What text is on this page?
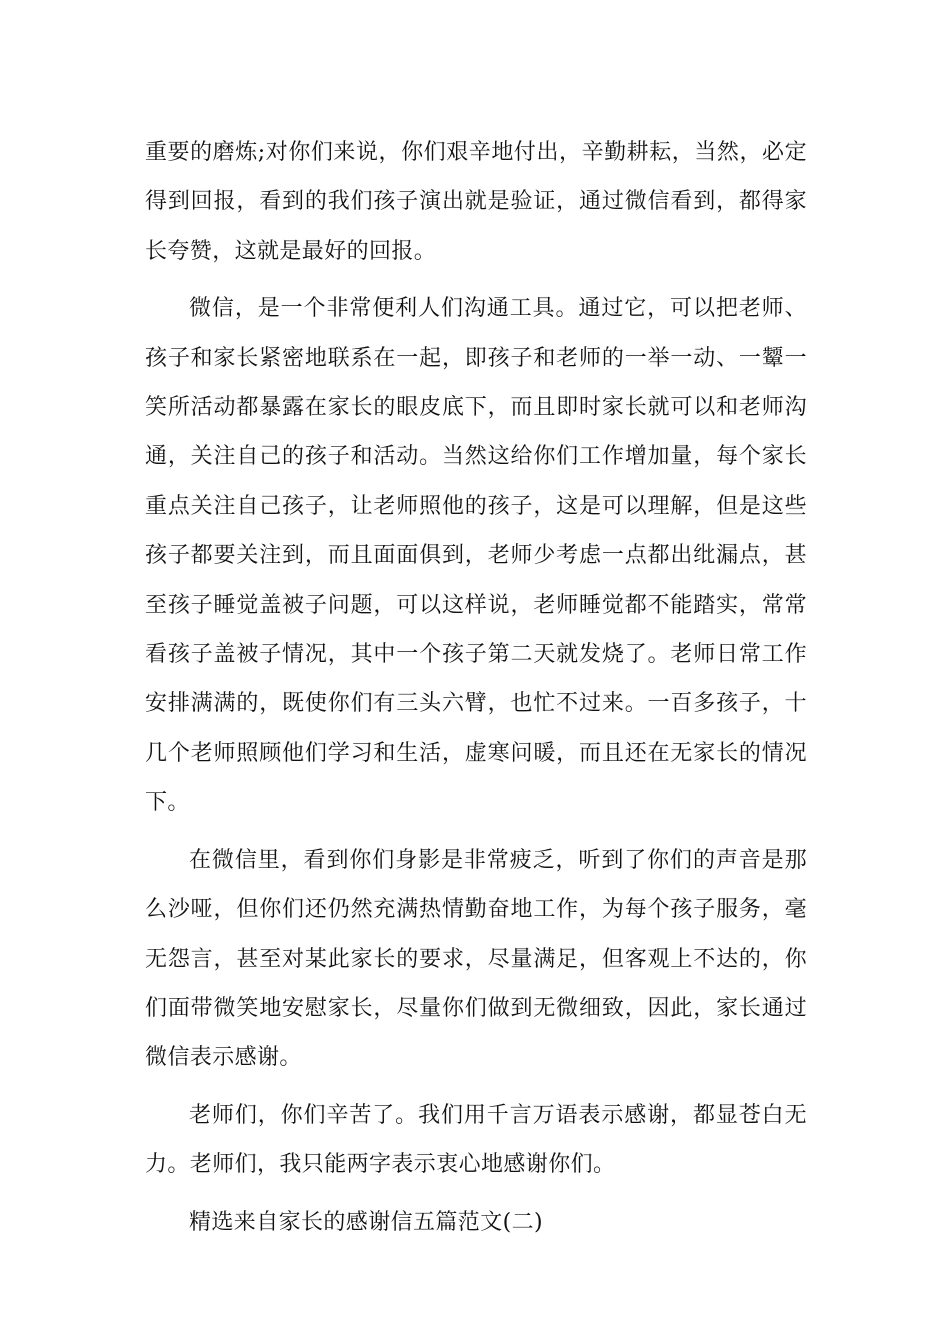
重要的磨炼;对你们来说，你们艰辛地付出，辛勤耕耘，当然，必定得到回报，看到的我们孩子演出就是验证，通过微信看到，都得家长夸赞，这就是最好的回报。

微信，是一个非常便利人们沟通工具。通过它，可以把老师、孩子和家长紧密地联系在一起，即孩子和老师的一举一动、一颦一笑所活动都暴露在家长的眼皮底下，而且即时家长就可以和老师沟通，关注自己的孩子和活动。当然这给你们工作增加量，每个家长重点关注自己孩子，让老师照他的孩子，这是可以理解，但是这些孩子都要关注到，而且面面俱到，老师少考虑一点都出纰漏点，甚至孩子睡觉盖被子问题，可以这样说，老师睡觉都不能踏实，常常看孩子盖被子情况，其中一个孩子第二天就发烧了。老师日常工作安排满满的，既使你们有三头六臂，也忙不过来。一百多孩子，十几个老师照顾他们学习和生活，虚寒问暖，而且还在无家长的情况下。

在微信里，看到你们身影是非常疲乏，听到了你们的声音是那么沙哑，但你们还仍然充满热情勤奋地工作，为每个孩子服务，毫无怨言，甚至对某此家长的要求，尽量满足，但客观上不达的，你们面带微笑地安慰家长，尽量你们做到无微细致，因此，家长通过微信表示感谢。

老师们，你们辛苦了。我们用千言万语表示感谢，都显苍白无力。老师们，我只能两字表示衷心地感谢你们。

精选来自家长的感谢信五篇范文(二)
